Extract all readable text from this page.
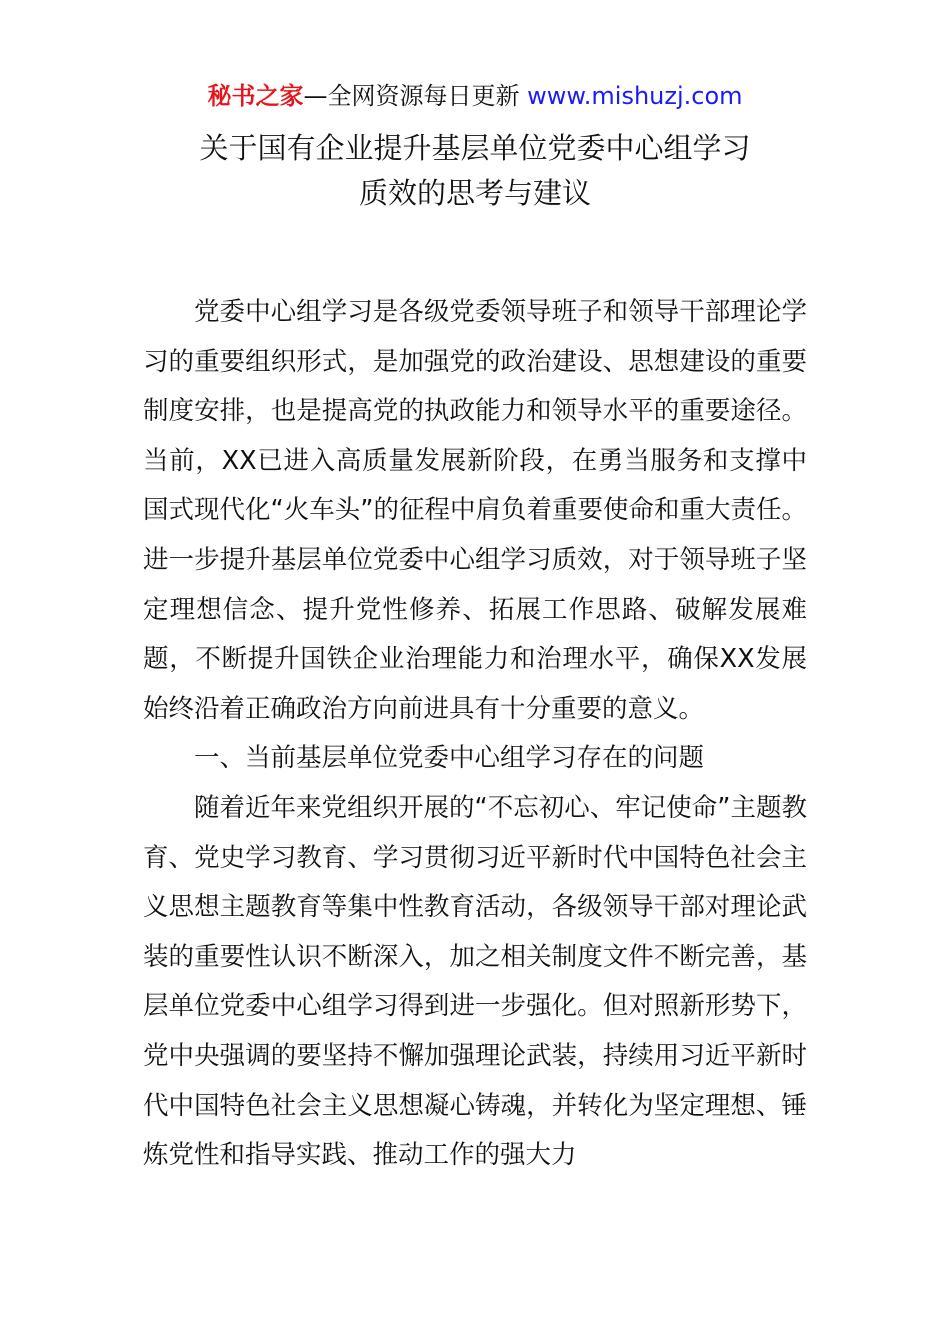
秘书之家—全网资源每日更新 www.mishuzj.com
关于国有企业提升基层单位党委中心组学习
质效的思考与建议

党委中心组学习是各级党委领导班子和领导干部理论学习的重要组织形式，是加强党的政治建设、思想建设的重要制度安排，也是提高党的执政能力和领导水平的重要途径。当前，XX已进入高质量发展新阶段，在勇当服务和支撑中国式现代化“火车头”的征程中肩负着重要使命和重大责任。进一步提升基层单位党委中心组学习质效，对于领导班子坚定理想信念、提升党性修养、拓展工作思路、破解发展难题，不断提升国铁企业治理能力和治理水平，确保XX发展始终沿着正确政治方向前进具有十分重要的意义。

一、当前基层单位党委中心组学习存在的问题

随着近年来党组织开展的“不忘初心、牢记使命”主题教育、党史学习教育、学习贯彻习近平新时代中国特色社会主义思想主题教育等集中性教育活动，各级领导干部对理论武装的重要性认识不断深入，加之相关制度文件不断完善，基层单位党委中心组学习得到进一步强化。但对照新形势下，党中央强调的要坚持不懈加强理论武装，持续用习近平新时代中国特色社会主义思想凝心铸魂，并转化为坚定理想、锤炼党性和指导实践、推动工作的强大力
